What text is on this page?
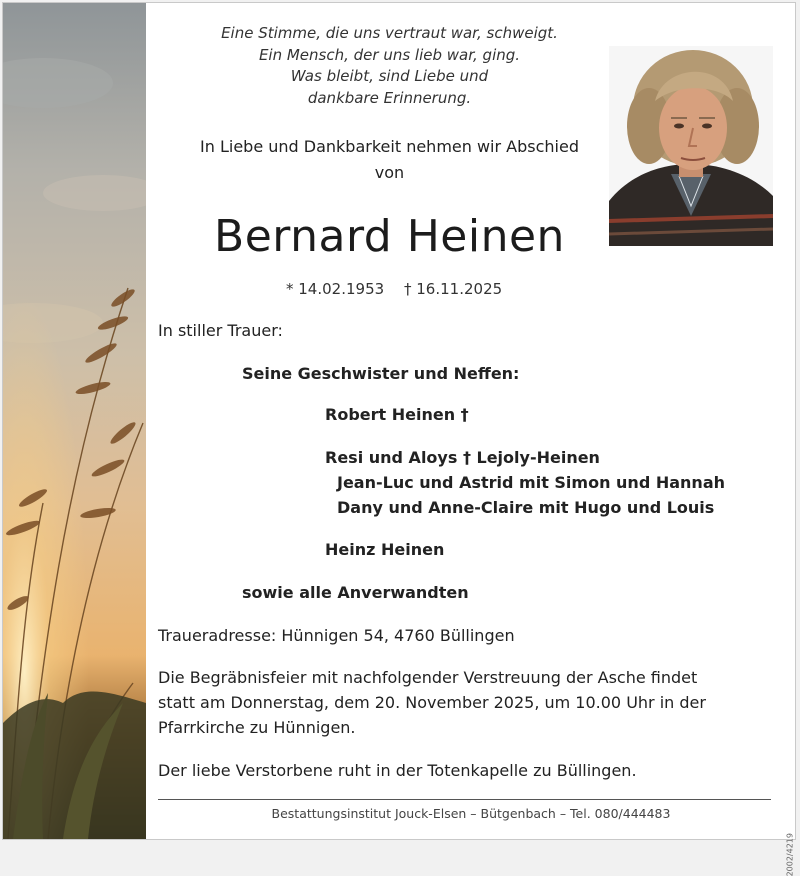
Eine Stimme, die uns vertraut war, schweigt.
Ein Mensch, der uns lieb war, ging.
Was bleibt, sind Liebe und
dankbare Erinnerung.
In Liebe und Dankbarkeit nehmen wir Abschied
von
Bernard Heinen
* 14.02.1953 † 16.11.2025
In stiller Trauer:
Seine Geschwister und Neffen:
Robert Heinen †
Resi und Aloys † Lejoly-Heinen
Jean-Luc und Astrid mit Simon und Hannah
Dany und Anne-Claire mit Hugo und Louis
Heinz Heinen
sowie alle Anverwandten
Traueradresse: Hünnigen 54, 4760 Büllingen
Die Begräbnisfeier mit nachfolgender Verstreuung der Asche findet
statt am Donnerstag, dem 20. November 2025, um 10.00 Uhr in der
Pfarrkirche zu Hünnigen.
Der liebe Verstorbene ruht in der Totenkapelle zu Büllingen.
Bestattungsinstitut Jouck-Elsen – Bütgenbach – Tel. 080/444483
2002/4219
